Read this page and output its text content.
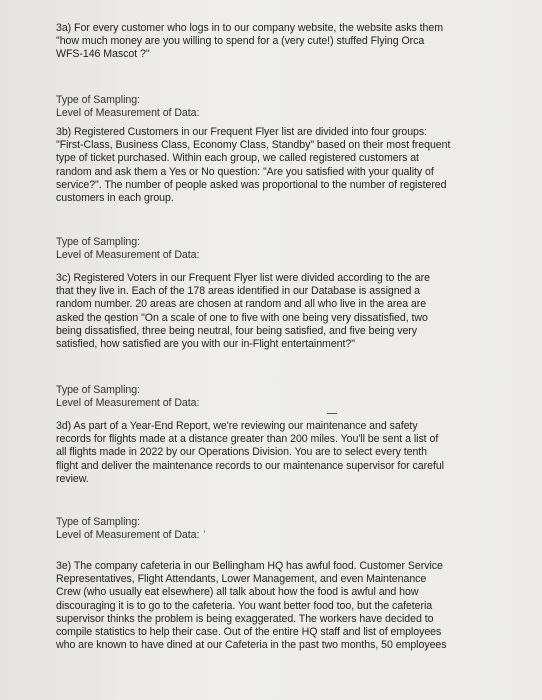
3a) For every customer who logs in to our company website, the website asks them
"how much money are you willing to spend for a (very cute!) stuffed Flying Orca
WFS-146 Mascot ?"
Type of Sampling:
Level of Measurement of Data:
3b) Registered Customers in our Frequent Flyer list are divided into four groups:
"First-Class, Business Class, Economy Class, Standby" based on their most frequent
type of ticket purchased. Within each group, we called registered customers at
random and ask them a Yes or No question: "Are you satisfied with your quality of
service?". The number of people asked was proportional to the number of registered
customers in each group.
Type of Sampling:
Level of Measurement of Data:
3c) Registered Voters in our Frequent Flyer list were divided according to the are
that they live in. Each of the 178 areas identified in our Database is assigned a
random number. 20 areas are chosen at random and all who live in the area are
asked the qestion "On a scale of one to five with one being very dissatisfied, two
being dissatisfied, three being neutral, four being satisfied, and five being very
satisfied, how satisfied are you with our in-Flight entertainment?"
Type of Sampling:
Level of Measurement of Data:
3d) As part of a Year-End Report, we're reviewing our maintenance and safety
records for flights made at a distance greater than 200 miles. You'll be sent a list of
all flights made in 2022 by our Operations Division. You are to select every tenth
flight and deliver the maintenance records to our maintenance supervisor for careful
review.
Type of Sampling:
Level of Measurement of Data: '
3e) The company cafeteria in our Bellingham HQ has awful food. Customer Service
Representatives, Flight Attendants, Lower Management, and even Maintenance
Crew (who usually eat elsewhere) all talk about how the food is awful and how
discouraging it is to go to the cafeteria. You want better food too, but the cafeteria
supervisor thinks the problem is being exaggerated. The workers have decided to
compile statistics to help their case. Out of the entire HQ staff and list of employees
who are known to have dined at our Cafeteria in the past two months, 50 employees
